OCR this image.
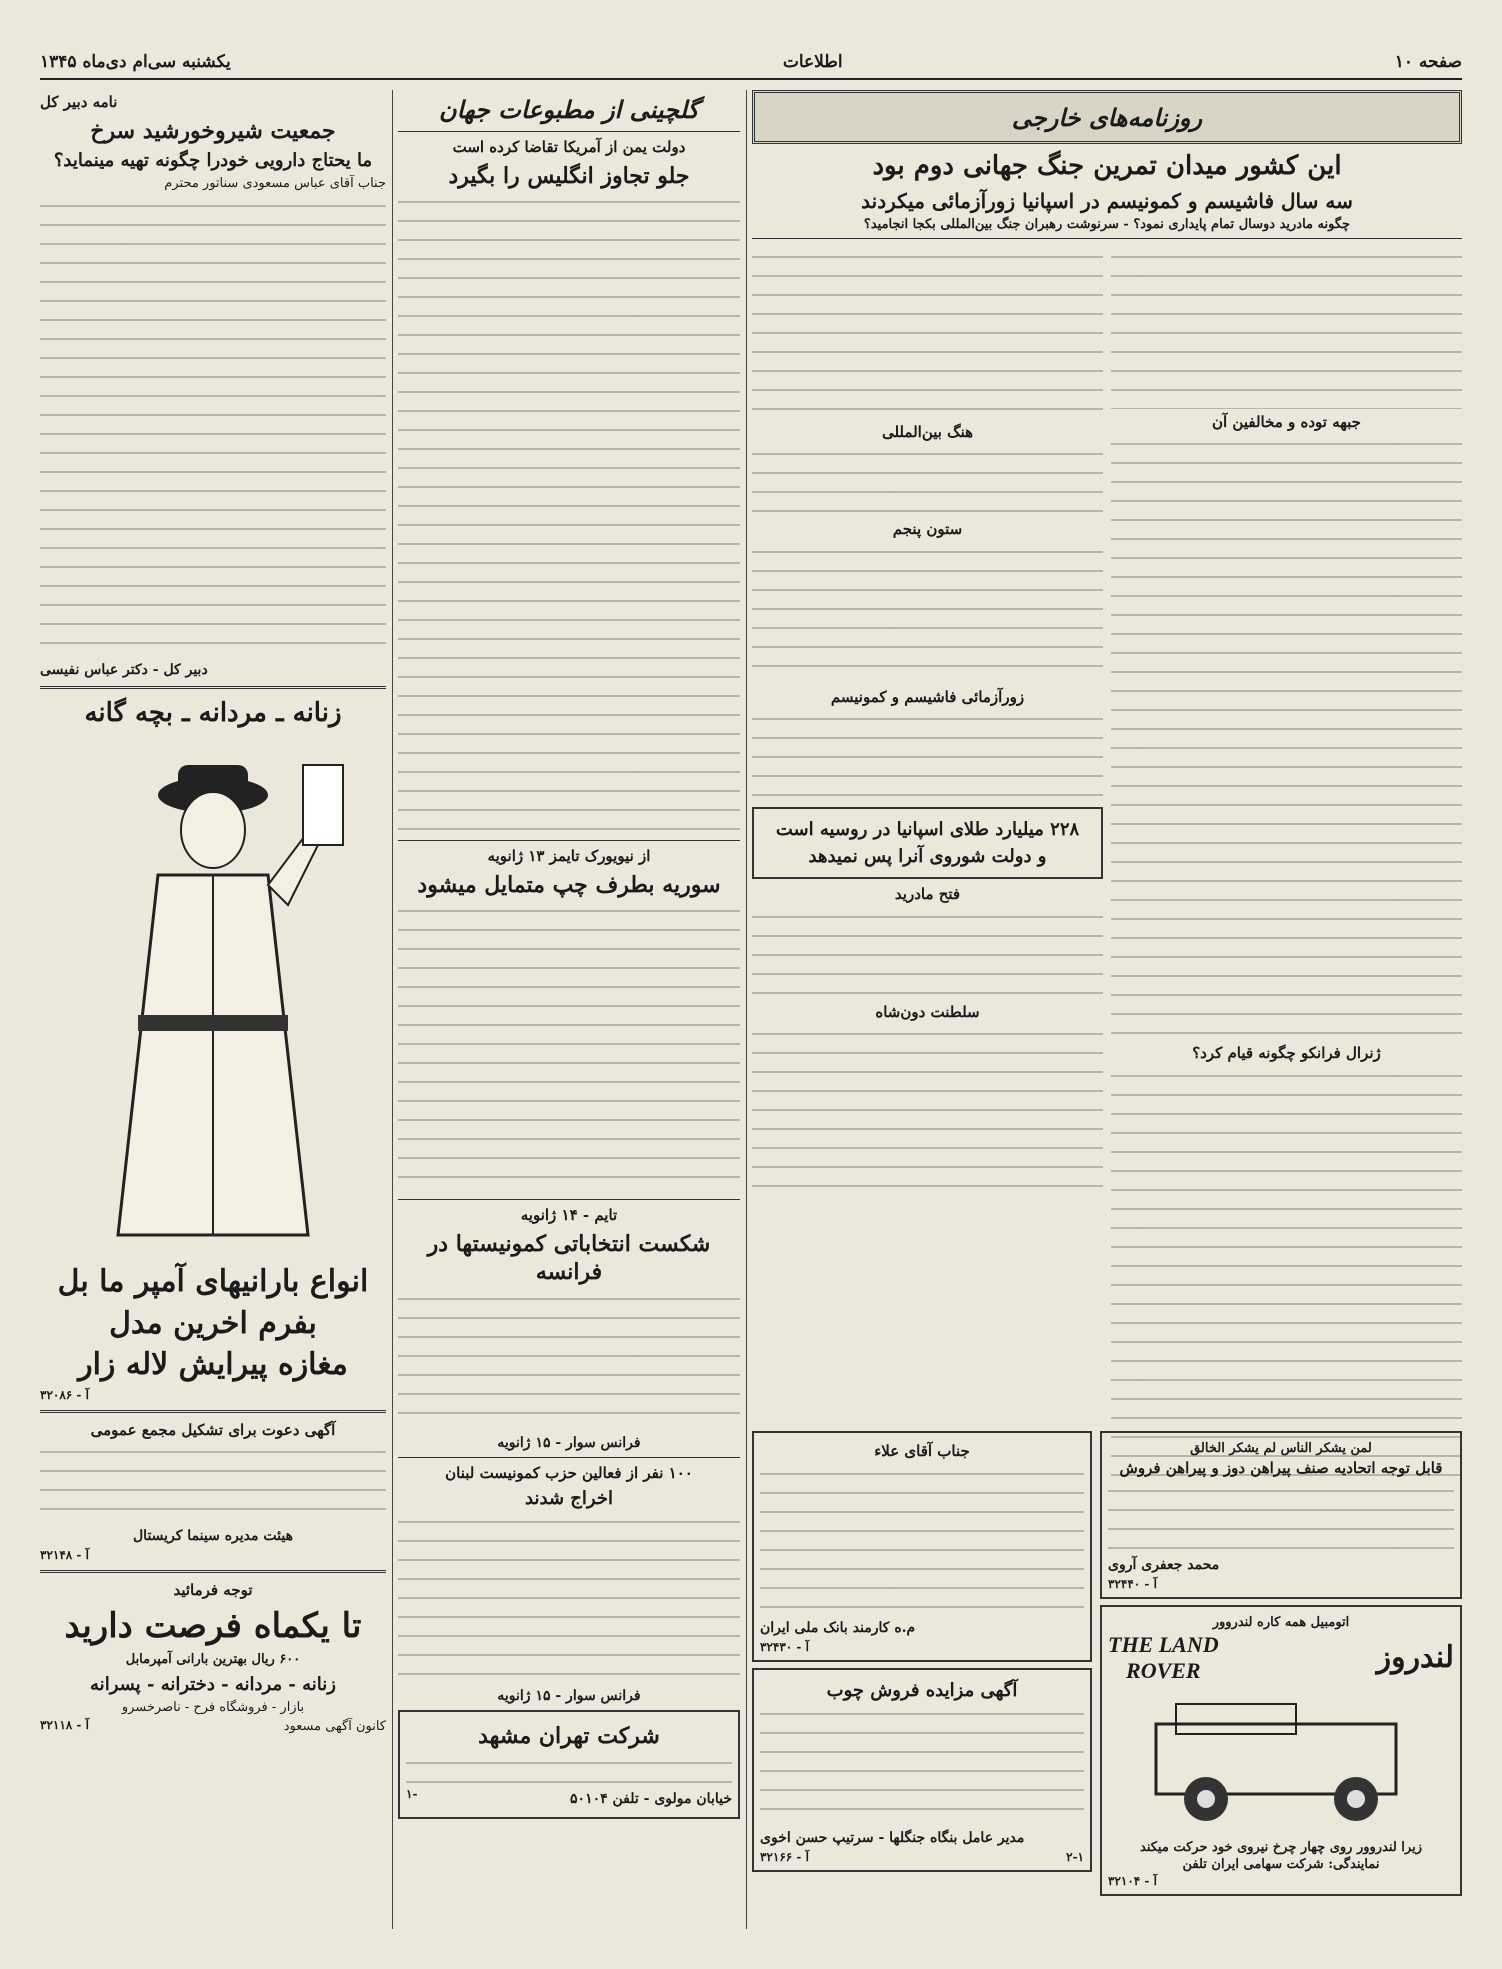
صفحه ۱۰
اطلاعات
یکشنبه سی‌ام دی‌ماه ۱۳۴۵
روزنامه‌های خارجی
این کشور میدان تمرین جنگ جهانی دوم بود
سه سال فاشیسم و کمونیسم در اسپانیا زورآزمائی میکردند
چگونه مادرید دوسال تمام پایداری نمود؟ - سرنوشت رهبران جنگ بین‌المللی بکجا انجامید؟
جبهه توده و مخالفین آن
ژنرال فرانکو چگونه قیام کرد؟
هنگ بین‌المللی
ستون پنجم
زورآزمائی فاشیسم و کمونیسم
۲۲۸ میلیارد طلای اسپانیا در روسیه است
و دولت شوروی آنرا پس نمیدهد
فتح مادرید
سلطنت دون‌شاه
لمن یشکر الناس لم یشکر الخالق
قابل توجه اتحادیه صنف پیراهن دوز و پیراهن فروش
محمد جعفری آروی
آ - ۳۲۴۴۰
اتومبیل همه کاره لندروور
لندروز
THE LAND
ROVER
زیرا لندروور روی چهار چرخ نیروی خود حرکت میکند
نمایندگی: شرکت سهامی ایران تلفن
آ - ۳۲۱۰۴
جناب آقای علاء
م.ه کارمند بانک ملی ایران
آ - ۳۲۴۳۰
آگهی مزایده فروش چوب
مدیر عامل بنگاه جنگلها - سرتیپ حسن اخوی
۲-۱
آ - ۳۲۱۶۶
گلچینی از مطبوعات جهان
دولت یمن از آمریکا تقاضا کرده است
جلو تجاوز انگلیس را بگیرد
از نیویورک تایمز ۱۳ ژانویه
سوریه بطرف چپ متمایل میشود
تایم - ۱۴ ژانویه
شکست انتخاباتی کمونیستها در فرانسه
فرانس سوار - ۱۵ ژانویه
۱۰۰ نفر از فعالین حزب کمونیست لبنان
اخراج شدند
فرانس سوار - ۱۵ ژانویه
شرکت تهران مشهد
خیابان مولوی - تلفن ۵۰۱۰۴
۱-
نامه دبیر کل
جمعیت شیروخورشید سرخ
ما یحتاج دارویی خودرا چگونه تهیه مینماید؟
جناب آقای عباس مسعودی سناتور محترم
دبیر کل - دکتر عباس نفیسی
زنانه ـ مردانه ـ بچه گانه
انواع بارانیهای آمپر ما بل
بفرم اخرین مدل
مغازه پیرایش لاله زار
آ - ۳۲۰۸۶
آگهی دعوت برای تشکیل مجمع عمومی
هیئت مدیره سینما کریستال
آ - ۳۲۱۴۸
توجه فرمائید
تا یکماه فرصت دارید
۶۰۰ ریال بهترین بارانی آمپرمابل
زنانه - مردانه - دخترانه - پسرانه
بازار - فروشگاه فرح - ناصرخسرو
کانون آگهی مسعود
آ - ۳۲۱۱۸
